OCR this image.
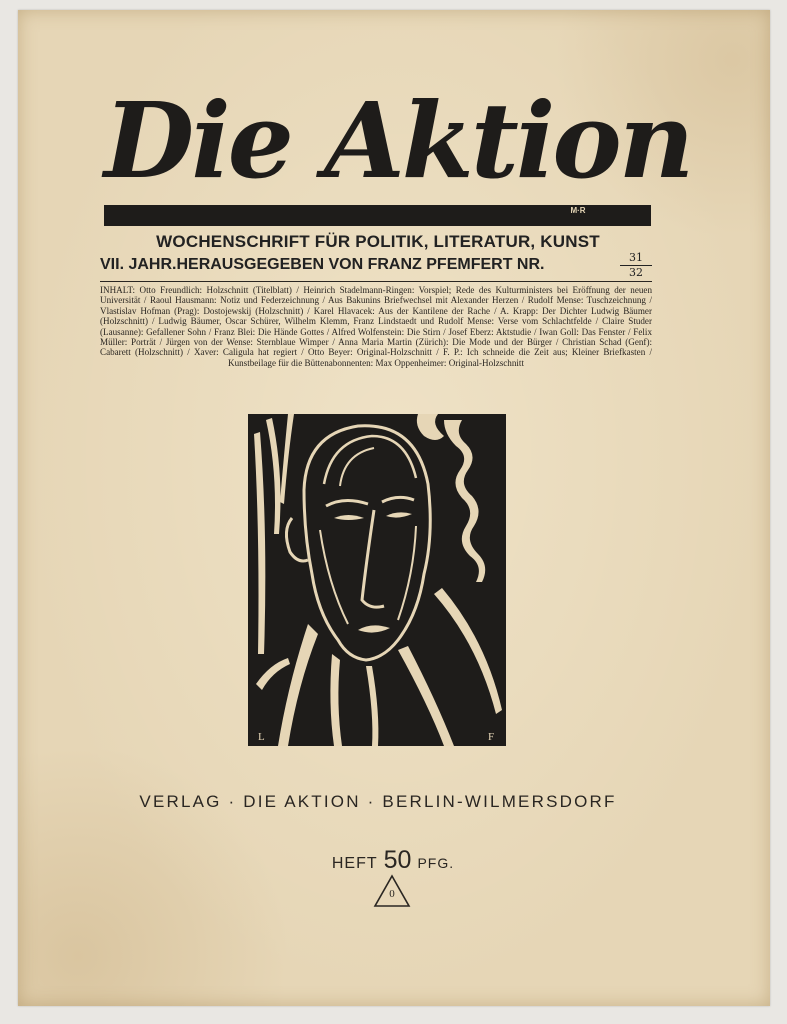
Die Aktion
M·R
WOCHENSCHRIFT FÜR POLITIK, LITERATUR, KUNST
VII. JAHR.HERAUSGEGEBEN VON FRANZ PFEMFERT NR.	$\frac{31}{32}$

INHALT: Otto Freundlich: Holzschnitt (Titelblatt) / Heinrich Stadelmann-Ringen: Vorspiel; Rede des Kulturministers bei Eröffnung der neuen Universität / Raoul Hausmann: Notiz und Federzeichnung / Aus Bakunins Briefwechsel mit Alexander Herzen / Rudolf Mense: Tuschzeichnung / Vlastislav Hofman (Prag): Dostojewskij (Holzschnitt) / Karel Hlavacek: Aus der Kantilene der Rache / A. Krapp: Der Dichter Ludwig Bäumer (Holzschnitt) / Ludwig Bäumer, Oscar Schürer, Wilhelm Klemm, Franz Lindstaedt und Rudolf Mense: Verse vom Schlachtfelde / Claire Studer (Lausanne): Gefallener Sohn / Franz Blei: Die Hände Gottes / Alfred Wolfenstein: Die Stirn / Josef Eberz: Aktstudie / Iwan Goll: Das Fenster / Felix Müller: Porträt / Jürgen von der Wense: Sternblaue Wimper / Anna Maria Martin (Zürich): Die Mode und der Bürger / Christian Schad (Genf): Cabarett (Holzschnitt) / Xaver: Caligula hat regiert / Otto Beyer: Original-Holzschnitt / F. P.: Ich schneide die Zeit aus; Kleiner Briefkasten / Kunstbeilage für die Büttenabonnenten: Max Oppenheimer: Original-Holzschnitt

L	F
VERLAG · DIE AKTION · BERLIN-WILMERSDORF
HEFT 50 PFG.
0
